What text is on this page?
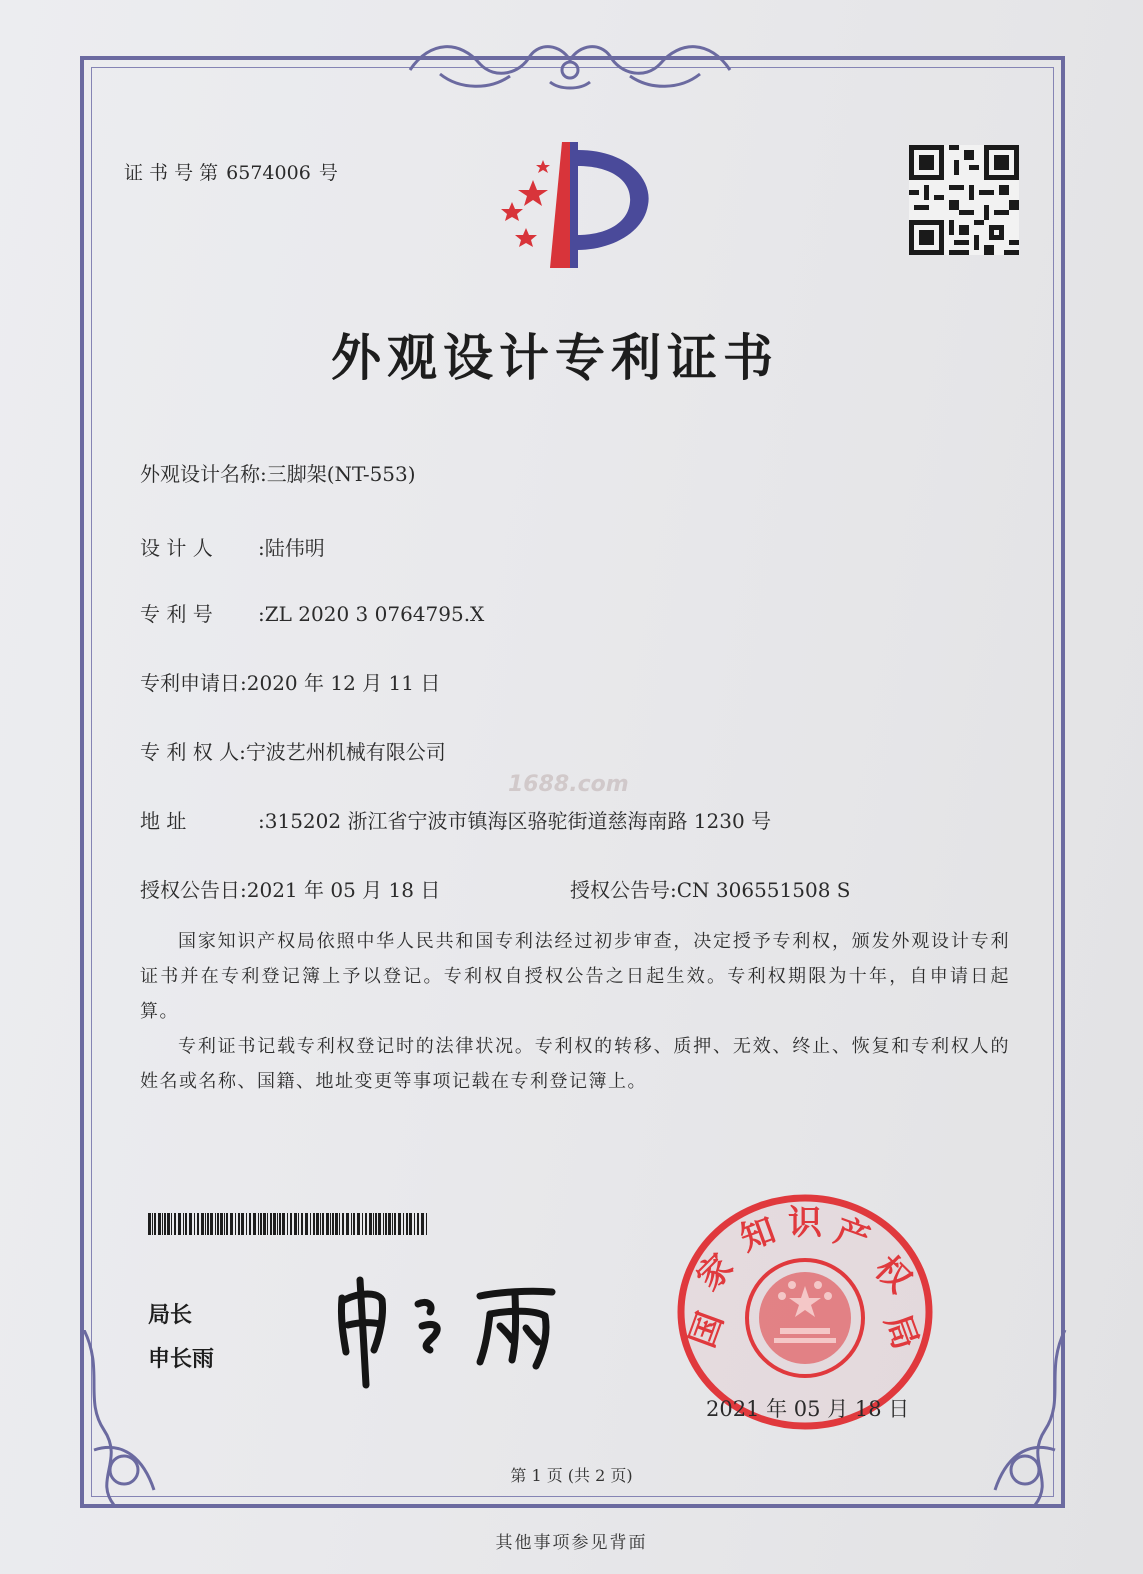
证 书 号 第 6574006 号
外观设计专利证书
外观设计名称:三脚架(NT-553)
设 计 人 :陆伟明
专 利 号 :ZL 2020 3 0764795.X
专利申请日:2020 年 12 月 11 日
专 利 权 人:宁波艺州机械有限公司
1688.com
地 址	:315202 浙江省宁波市镇海区骆驼街道慈海南路 1230 号
授权公告日:2021 年 05 月 18 日	授权公告号:CN 306551508 S

国家知识产权局依照中华人民共和国专利法经过初步审查，决定授予专利权，颁发外观设计专利证书并在专利登记簿上予以登记。专利权自授权公告之日起生效。专利权期限为十年，自申请日起算。

专利证书记载专利权登记时的法律状况。专利权的转移、质押、无效、终止、恢复和专利权人的姓名或名称、国籍、地址变更等事项记载在专利登记簿上。

局长
申长雨
国
家
知 识 产
权
局
2021 年 05 月 18 日
第 1 页 (共 2 页)
其他事项参见背面
